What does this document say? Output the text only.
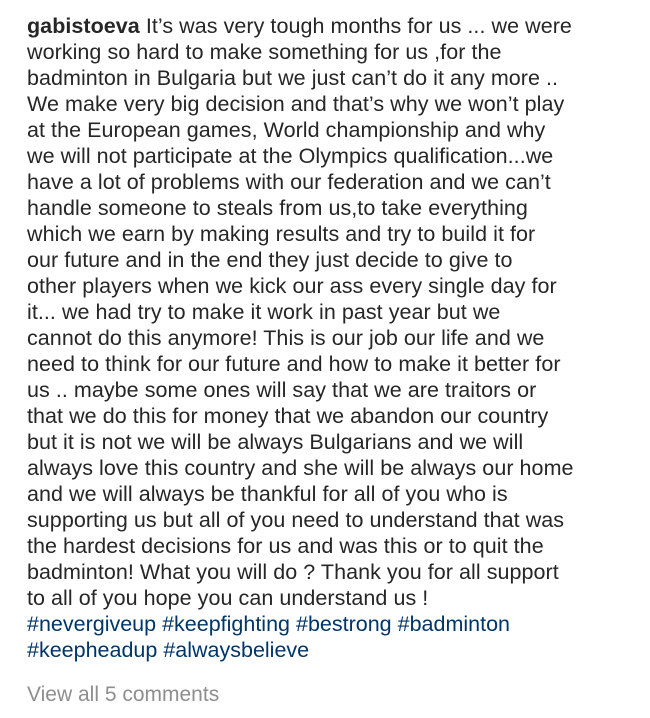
gabistoeva It’s was very tough months for us ... we were
working so hard to make something for us ,for the
badminton in Bulgaria but we just can’t do it any more ..
We make very big decision and that’s why we won’t play
at the European games, World championship and why
we will not participate at the Olympics qualification...we
have a lot of problems with our federation and we can’t
handle someone to steals from us,to take everything
which we earn by making results and try to build it for
our future and in the end they just decide to give to
other players when we kick our ass every single day for
it... we had try to make it work in past year but we
cannot do this anymore! This is our job our life and we
need to think for our future and how to make it better for
us .. maybe some ones will say that we are traitors or
that we do this for money that we abandon our country
but it is not we will be always Bulgarians and we will
always love this country and she will be always our home
and we will always be thankful for all of you who is
supporting us but all of you need to understand that was
the hardest decisions for us and was this or to quit the
badminton! What you will do ? Thank you for all support
to all of you hope you can understand us !

#nevergiveup #keepfighting #bestrong #badminton
#keepheadup #alwaysbelieve

View all 5 comments
